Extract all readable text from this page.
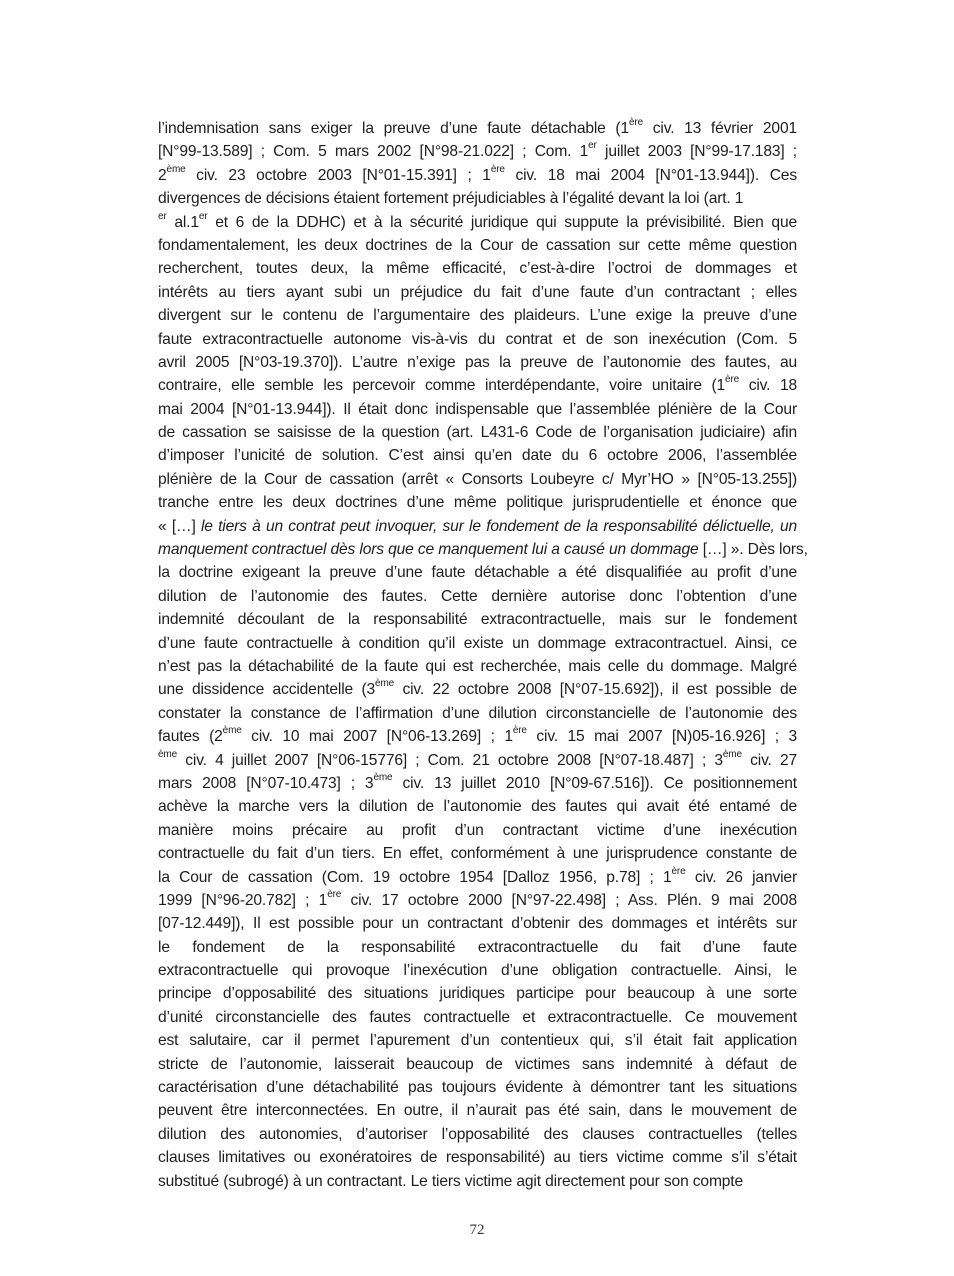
l’indemnisation sans exiger la preuve d’une faute détachable (1ère civ. 13 février 2001
[N°99-13.589] ; Com. 5 mars 2002 [N°98-21.022] ; Com. 1er juillet 2003 [N°99-17.183] ;
2ème civ. 23 octobre 2003 [N°01-15.391] ; 1ère civ. 18 mai 2004 [N°01-13.944]). Ces
divergences de décisions étaient fortement préjudiciables à l’égalité devant la loi (art. 1
$^{er}$ al.1er et 6 de la DDHC) et à la sécurité juridique qui suppute la prévisibilité. Bien que
fondamentalement, les deux doctrines de la Cour de cassation sur cette même question
recherchent, toutes deux, la même efficacité, c’est-à-dire l’octroi de dommages et
intérêts au tiers ayant subi un préjudice du fait d’une faute d’un contractant ; elles
divergent sur le contenu de l’argumentaire des plaideurs. L’une exige la preuve d’une
faute extracontractuelle autonome vis-à-vis du contrat et de son inexécution (Com. 5
avril 2005 [N°03-19.370]). L’autre n’exige pas la preuve de l’autonomie des fautes, au
contraire, elle semble les percevoir comme interdépendante, voire unitaire (1ère civ. 18
mai 2004 [N°01-13.944]). Il était donc indispensable que l’assemblée plénière de la Cour
de cassation se saisisse de la question (art. L431-6 Code de l’organisation judiciaire) afin
d’imposer l’unicité de solution. C’est ainsi qu’en date du 6 octobre 2006, l’assemblée
plénière de la Cour de cassation (arrêt « Consorts Loubeyre c/ Myr’HO » [N°05-13.255])
tranche entre les deux doctrines d’une même politique jurisprudentielle et énonce que
« […] le tiers à un contrat peut invoquer, sur le fondement de la responsabilité délictuelle, un
manquement contractuel dès lors que ce manquement lui a causé un dommage […] ». Dès lors,
la doctrine exigeant la preuve d’une faute détachable a été disqualifiée au profit d’une
dilution de l’autonomie des fautes. Cette dernière autorise donc l’obtention d’une
indemnité découlant de la responsabilité extracontractuelle, mais sur le fondement
d’une faute contractuelle à condition qu’il existe un dommage extracontractuel. Ainsi, ce
n’est pas la détachabilité de la faute qui est recherchée, mais celle du dommage. Malgré
une dissidence accidentelle (3ème civ. 22 octobre 2008 [N°07-15.692]), il est possible de
constater la constance de l’affirmation d’une dilution circonstancielle de l’autonomie des
fautes (2ème civ. 10 mai 2007 [N°06-13.269] ; 1ère civ. 15 mai 2007 [N)05-16.926] ; 3
$^{ème}$ civ. 4 juillet 2007 [N°06-15776] ; Com. 21 octobre 2008 [N°07-18.487] ; 3ème civ. 27
mars 2008 [N°07-10.473] ; 3ème civ. 13 juillet 2010 [N°09-67.516]). Ce positionnement
achève la marche vers la dilution de l’autonomie des fautes qui avait été entamé de
manière moins précaire au profit d’un contractant victime d’une inexécution
contractuelle du fait d’un tiers. En effet, conformément à une jurisprudence constante de
la Cour de cassation (Com. 19 octobre 1954 [Dalloz 1956, p.78] ; 1ère civ. 26 janvier
1999 [N°96-20.782] ; 1ère civ. 17 octobre 2000 [N°97-22.498] ; Ass. Plén. 9 mai 2008
[07-12.449]), Il est possible pour un contractant d’obtenir des dommages et intérêts sur
le fondement de la responsabilité extracontractuelle du fait d’une faute
extracontractuelle qui provoque l’inexécution d’une obligation contractuelle. Ainsi, le
principe d’opposabilité des situations juridiques participe pour beaucoup à une sorte
d’unité circonstancielle des fautes contractuelle et extracontractuelle. Ce mouvement
est salutaire, car il permet l’apurement d’un contentieux qui, s’il était fait application
stricte de l’autonomie, laisserait beaucoup de victimes sans indemnité à défaut de
caractérisation d’une détachabilité pas toujours évidente à démontrer tant les situations
peuvent être interconnectées. En outre, il n’aurait pas été sain, dans le mouvement de
dilution des autonomies, d’autoriser l’opposabilité des clauses contractuelles (telles
clauses limitatives ou exonératoires de responsabilité) au tiers victime comme s’il s’était
substitué (subrogé) à un contractant. Le tiers victime agit directement pour son compte
72
